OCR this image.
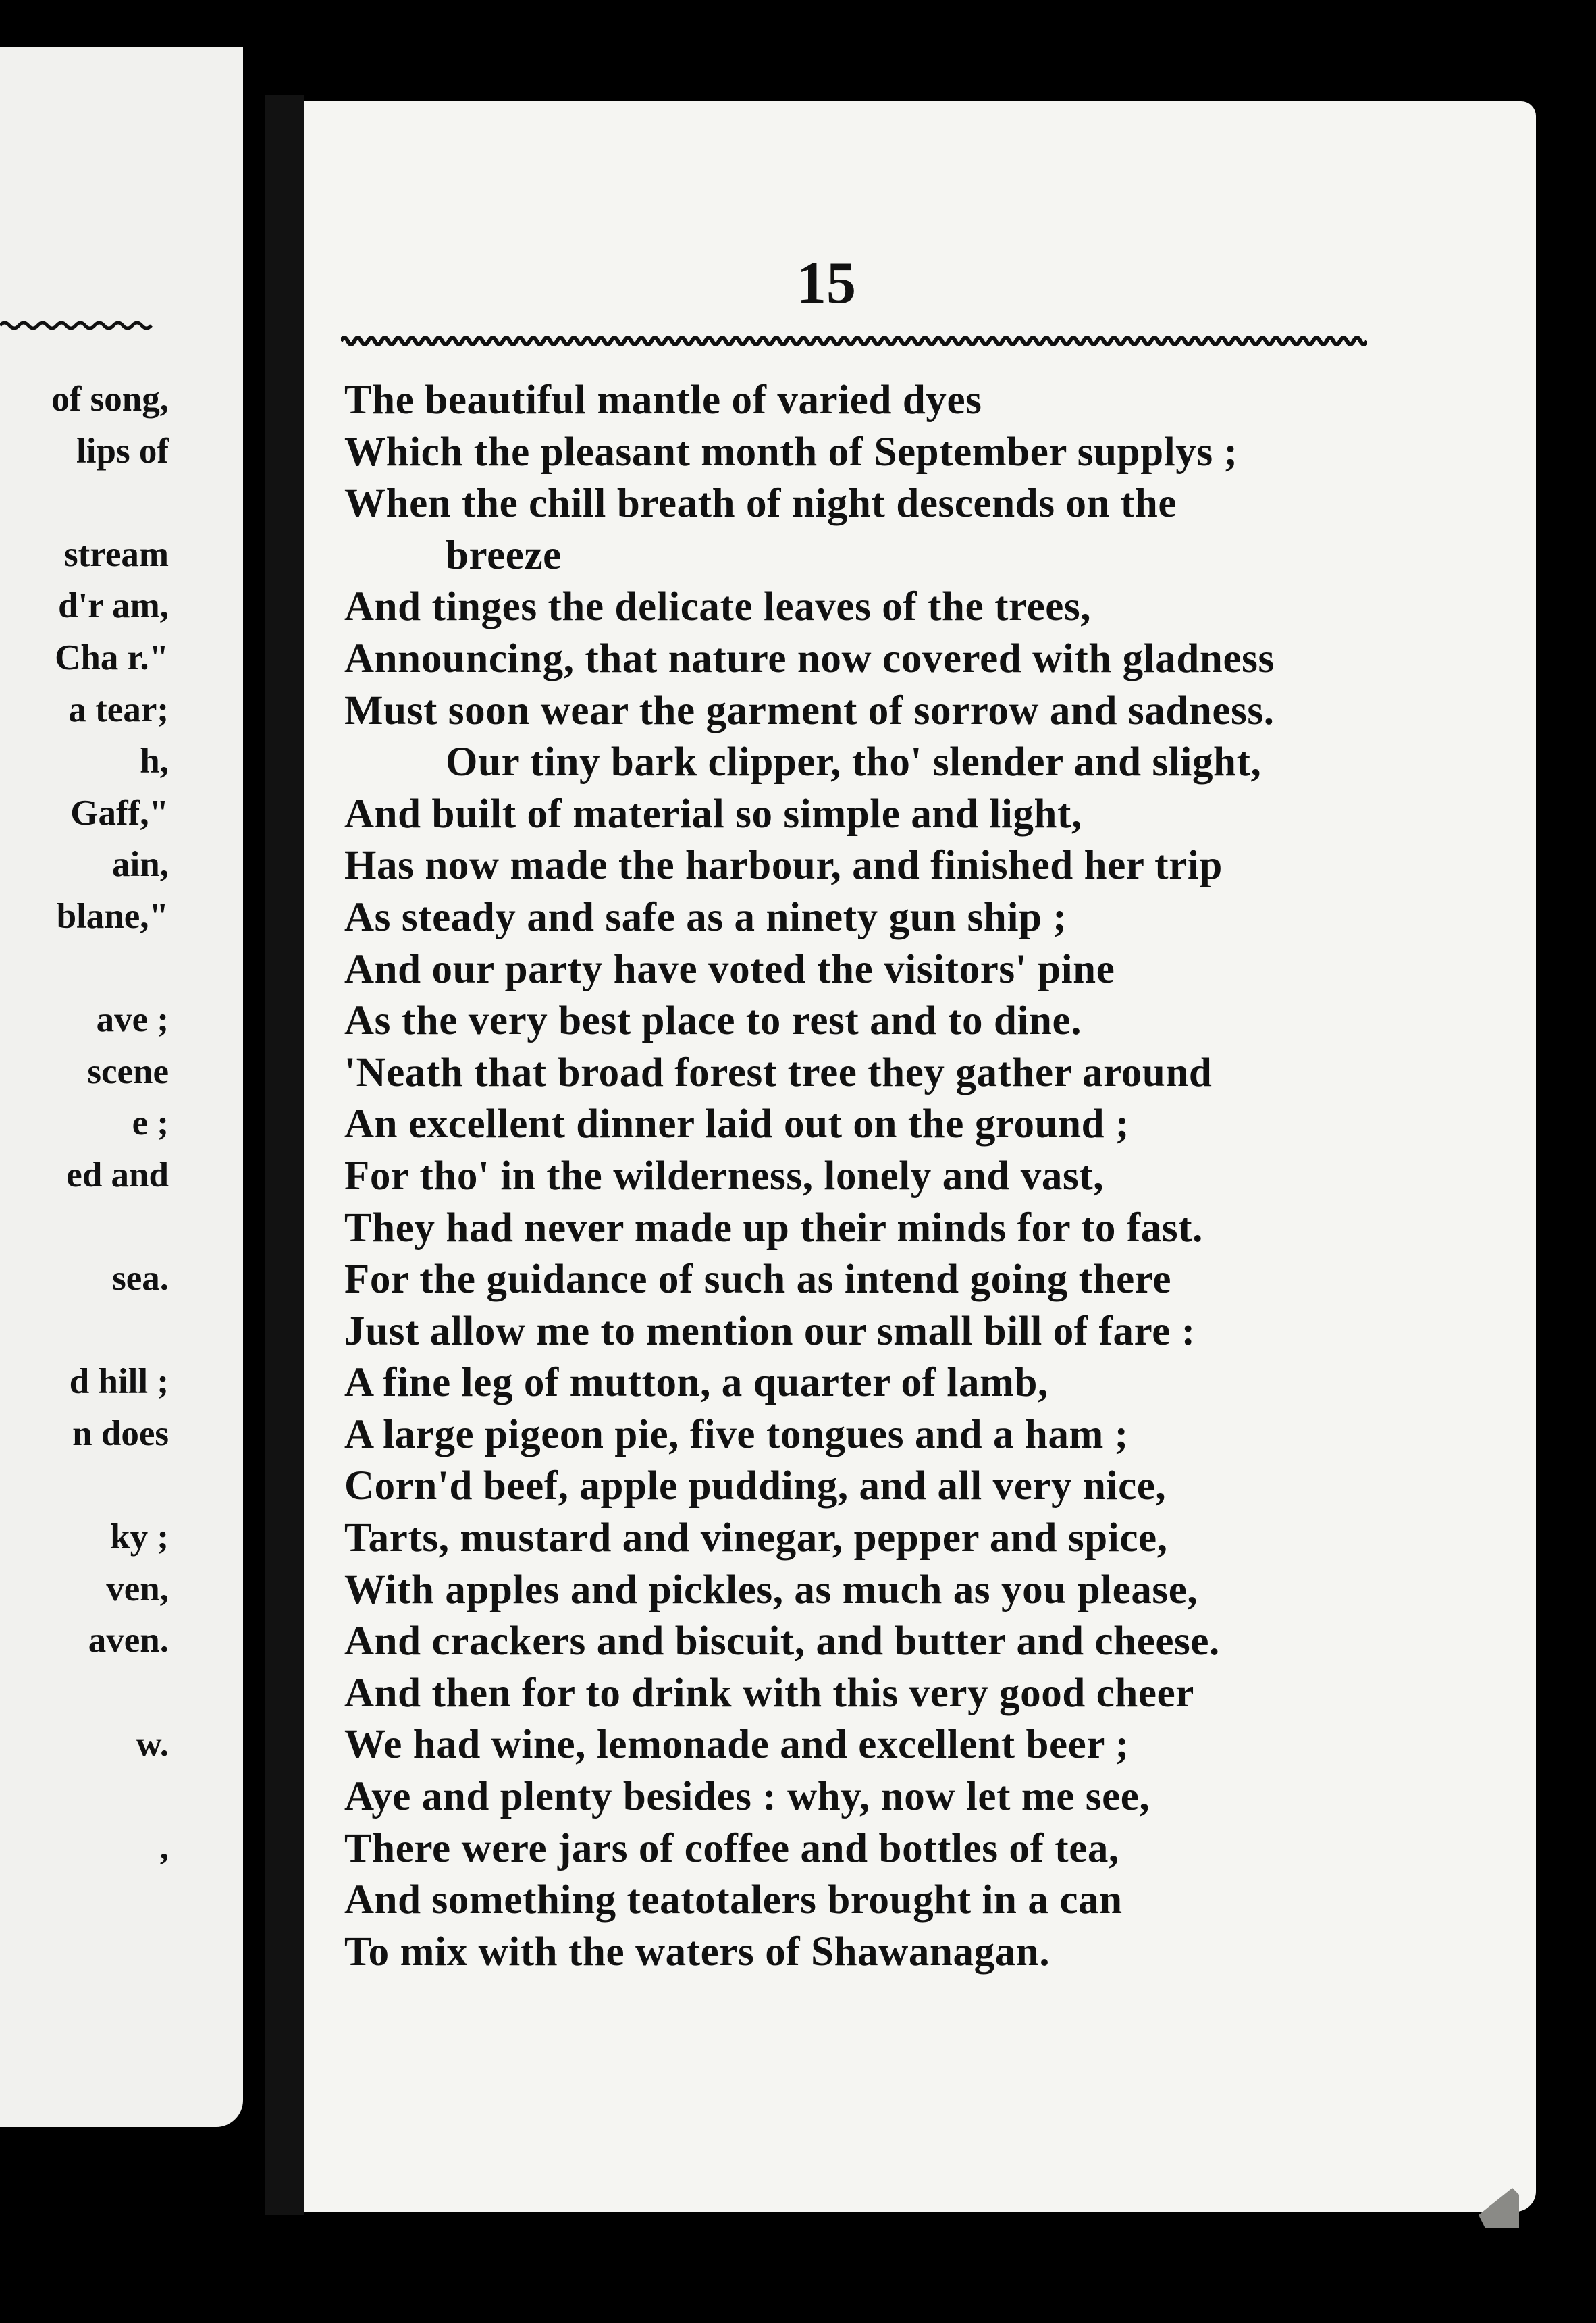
of song,
lips of
stream
d'r am,
Cha r."
a tear;
h,
Gaff,"
ain,
blane,"
ave ;
scene
e ;
ed and
sea.
d hill ;
n does
ky ;
ven,
aven.
w.
,
15
The beautiful mantle of varied dyes
Which the pleasant month of September supplys ;
When the chill breath of night descends on the
breeze
And tinges the delicate leaves of the trees,
Announcing, that nature now covered with gladness
Must soon wear the garment of sorrow and sadness.
Our tiny bark clipper, tho' slender and slight,
And built of material so simple and light,
Has now made the harbour, and finished her trip
As steady and safe as a ninety gun ship ;
And our party have voted the visitors' pine
As the very best place to rest and to dine.
'Neath that broad forest tree they gather around
An excellent dinner laid out on the ground ;
For tho' in the wilderness, lonely and vast,
They had never made up their minds for to fast.
For the guidance of such as intend going there
Just allow me to mention our small bill of fare :
A fine leg of mutton, a quarter of lamb,
A large pigeon pie, five tongues and a ham ;
Corn'd beef, apple pudding, and all very nice,
Tarts, mustard and vinegar, pepper and spice,
With apples and pickles, as much as you please,
And crackers and biscuit, and butter and cheese.
And then for to drink with this very good cheer
We had wine, lemonade and excellent beer ;
Aye and plenty besides : why, now let me see,
There were jars of coffee and bottles of tea,
And something teatotalers brought in a can
To mix with the waters of Shawanagan.
